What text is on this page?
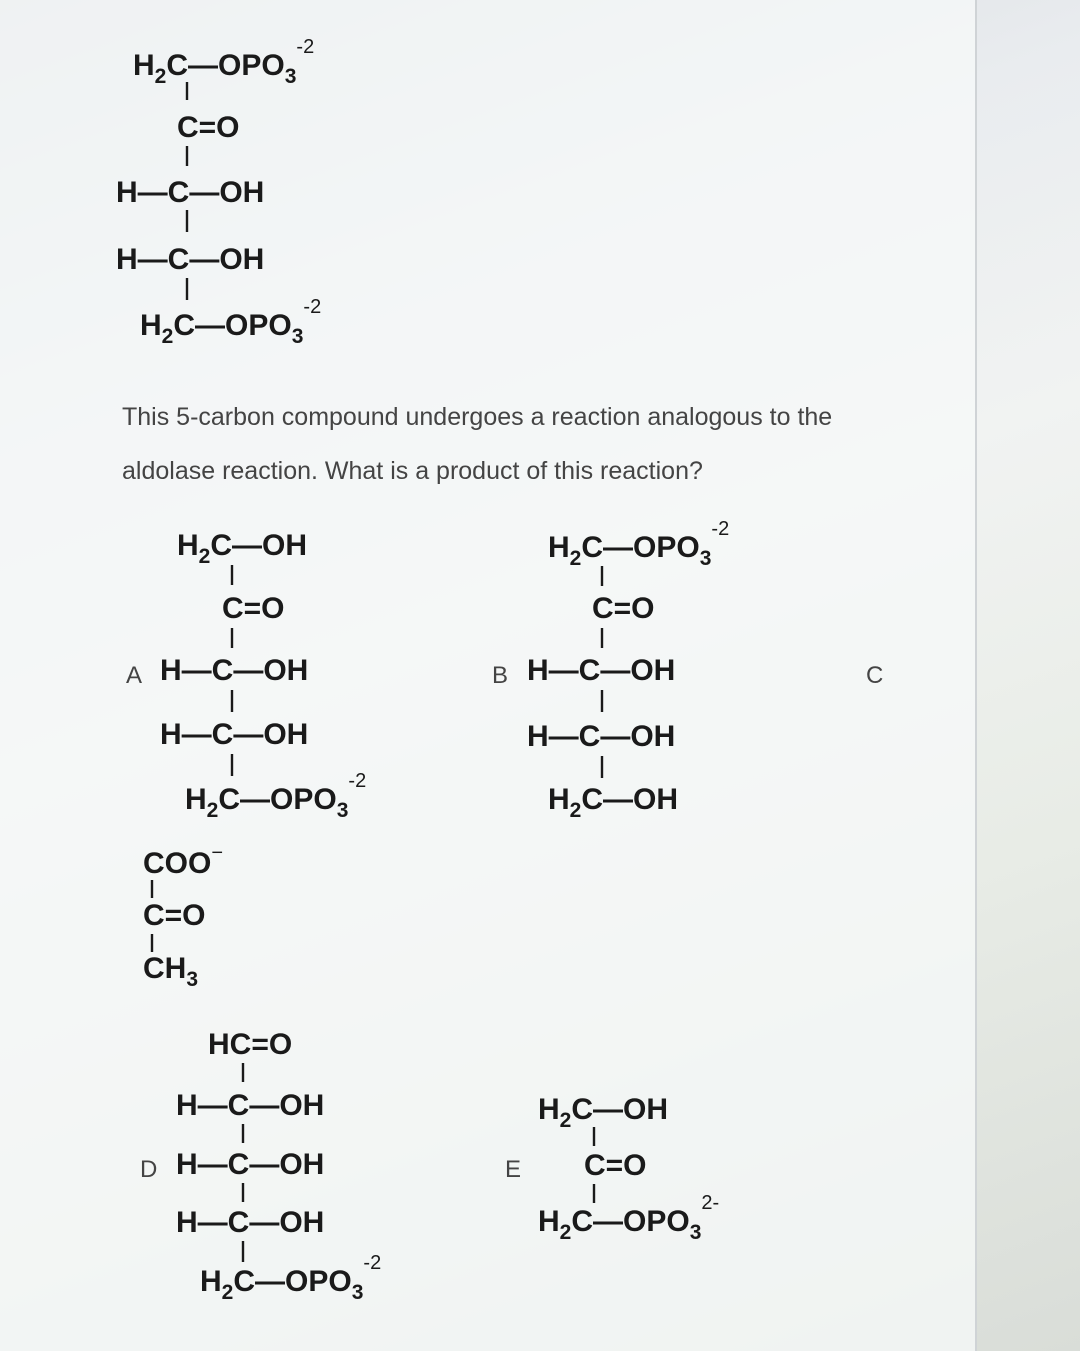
$H_2C—OPO_3^{-2}$
C=O
H—C—OH
H—C—OH
$H_2C—OPO_3^{-2}$
A
$H_2C—OH$
C=O
H—C—OH
H—C—OH
$H_2C—OPO_3^{-2}$
B
$H_2C—OPO_3^{-2}$
C=O
H—C—OH
H—C—OH
$H_2C—OH$
C
COO−
C=O
$CH_3$
D
HC=O
H—C—OH
H—C—OH
H—C—OH
$H_2C—OPO_3^{-2}$
E
$H_2C—OH$
C=O
$H_2C—OPO_3^{2-}$

This 5-carbon compound undergoes a reaction analogous to the
aldolase reaction. What is a product of this reaction?
